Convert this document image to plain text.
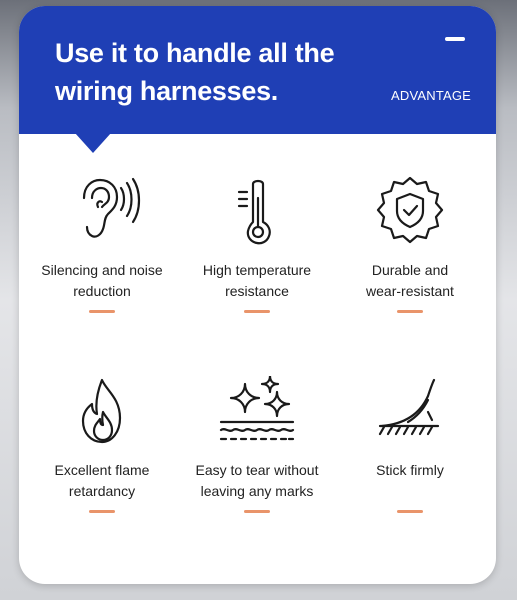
Use it to handle all the
wiring harnesses.	ADVANTAGE
Silencing and noise
reduction
High temperature
resistance
Durable and
wear-resistant
Excellent flame
retardancy
Easy to tear without
leaving any marks
Stick firmly
